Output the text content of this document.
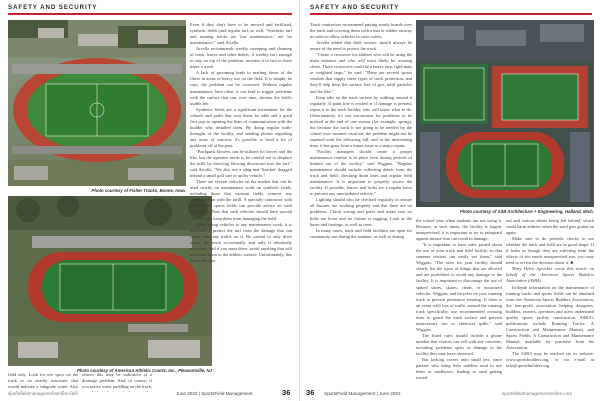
SAFETY AND SECURITY
Photo courtesy of Fisher Tracks, Boone, Iowa.
Photo courtesy of American Athletic Courts, Inc., Pleasantville, NJ

field only. Look for wet spots on the track or on nearby structures that would indicate a subgrade water. Also

others; this may be indicative of a drainage problem. And, of course, if you notice water puddling on the track,

Even if they don't have to be mowed and fertilized, synthetic fields (and regular turf, as well, "Synthetic turf and running tracks are 'low maintenance,' not 'no maintenance,'" said Arcella.

Arcella recommends weekly sweeping and cleaning of trash, leaves and other debris, if weekly isn't enough to stay on top of the problem, increase it to two to three times a week.

A lack of grooming leads to matting down of the fibers in areas of heavy use on the field. It is simple, he says, the problem can be corrected. Without regular maintenance, here often, it can lead to trigger problems with the surface that can, over time, shorten the field's usable life.

Synthetic fields are a significant investment for the schools and parks that own them, he adds and a good first step to opening the lines of communication with the builder who installed them. By doing regular walk-throughs of the facility, and sending photos regarding any areas of concern, it's possible to head a lot of problems off at the pass.

"Backpack blowers can be utilized for leaves and the like, but the operator needs to be careful not to displace the infill by directing blowing downward into the turf," said Arcella. "We also use a sling-mat 'finisher' dragged behind a small golf cart or utility vehicle."

There are several vehicles on the market that can be used strictly on maintenance work on synthetic fields, including those that vacuum fields, remove any contamination with the infill. A specialty contractor with expertise in sports fields can provide advice on such equipment. Note that such vehicles should have special surfaces that keep them from damaging the field.

When using vehicles to any maintenance work, it is essential to protect the turf from the damage that can result from any traffic on it. Be careful to only drive across the track occasionally and only if absolutely necessary, and if you must drive, avoid anything that will not cause harm to the athletic surface. Unfortunately, this is not the case.

sportsfieldmanagementonline.com	June 2022 | SportsField Management	36
SAFETY AND SECURITY

Track contractors recommend putting sturdy boards over the track and covering them with a mat or rubber runway in order to allow vehicles to cross safely.

Arcella added that field owners should always be aware of the need to protect the track.

"Create a crossover for athletes who will be using the main entrance and who will most likely be wearing cleats. These crossovers could be a heavy tarp, rigid mats or weighted tarps," he said. "There are several sports vendors that supply these types of track protection, and they'll help keep the surface free of grit, infill particles and the like."

Keep tabs on the track surface by walking around it regularly. If paint line is eroded or if damage is present, report it to the track builder, who will know what to do. Unfortunately, it's not uncommon for problems to be noticed at the end of one season (for example, spring), but because the track is not going to be needed by the school over summer vacation, the problem might not be repaired until the following fall, and in the intervening time, it has gone from a minor issue to a major repair.

"Facility managers should create a proper maintenance routine is in place even during periods of limited use of the facility," said Wiggins. "Regular maintenance should include collecting debris from the track and field, checking drain lines and regular field maintenance. It is important to properly secure the facility. If possible, fences and locks are a regular basis to prevent any unscheduled activity."

Lighting should also be checked regularly to ensure all fixtures are working properly and that there are no problems. Check wiring and poles and make sure no bolts are loose and no fixture is sagging. Look at the bases and footings, as well as trees.

In many cases, track and field facilities are open for community use during the summer, as well as during

Photo courtesy of SSB Architecture + Engineering, Holland, Mich.

the school year when students are not using it. Because, at such times, the facility is largely unsupervised, it is important to try to safeguard against misuse that can result in damage.

"It is important to have rules posted about the use of your track and field facility, so that summer visitors can easily see them," said Wiggins. "The rules for your facility should clearly list the types of things that are allowed and are prohibited to avoid any damage to the facility. It is important to discourage the use of spiked shoes, skates, cleats, or motorized vehicles. Wiggins, and bicycles on your running track to prevent premature wearing. If there is an event with lots of traffic around the running track specifically, use recommended crossing mats to guard the track surface and prevent unnecessary tire or chemical spills," said Wiggins.

The listed rules should include a phone number that visitors can call with any concerns, including problems spots or damage to the facility they may have observed.

But locking covers onto small jets, since parents who bring their toddlers tend to use them as sandboxes, leading to sand getting tossed

out and various debris being left behind, which could harm athletes when the sand gets gotten on again.

Make sure to do periodic checks to see whether the track and field are in good shape. If it looks as though they are suffering from the effects of too much unsupervised use, you may need to revisit the decision about it. ■

Mary Helen Sprecher wrote this article on behalf of the American Sports Builders Association (ASBA).

In-depth information on the maintenance of running tracks and sports fields can be obtained from the American Sports Builders Association, the non-profit association helping designers, builders, owners, operators and users understand quality sports facility construction. ASBA's publications include Running Tracks: A Construction and Maintenance Manual, and Sports Fields: A Construction and Maintenance Manual, available for purchase from the Association.

The ASBA may be reached via its website: www.sportsbuilders.org, or via e-mail at info@sportsbuilders.org.

36 SportsField Management | June 2022	sportsfieldmanagementonline.com
